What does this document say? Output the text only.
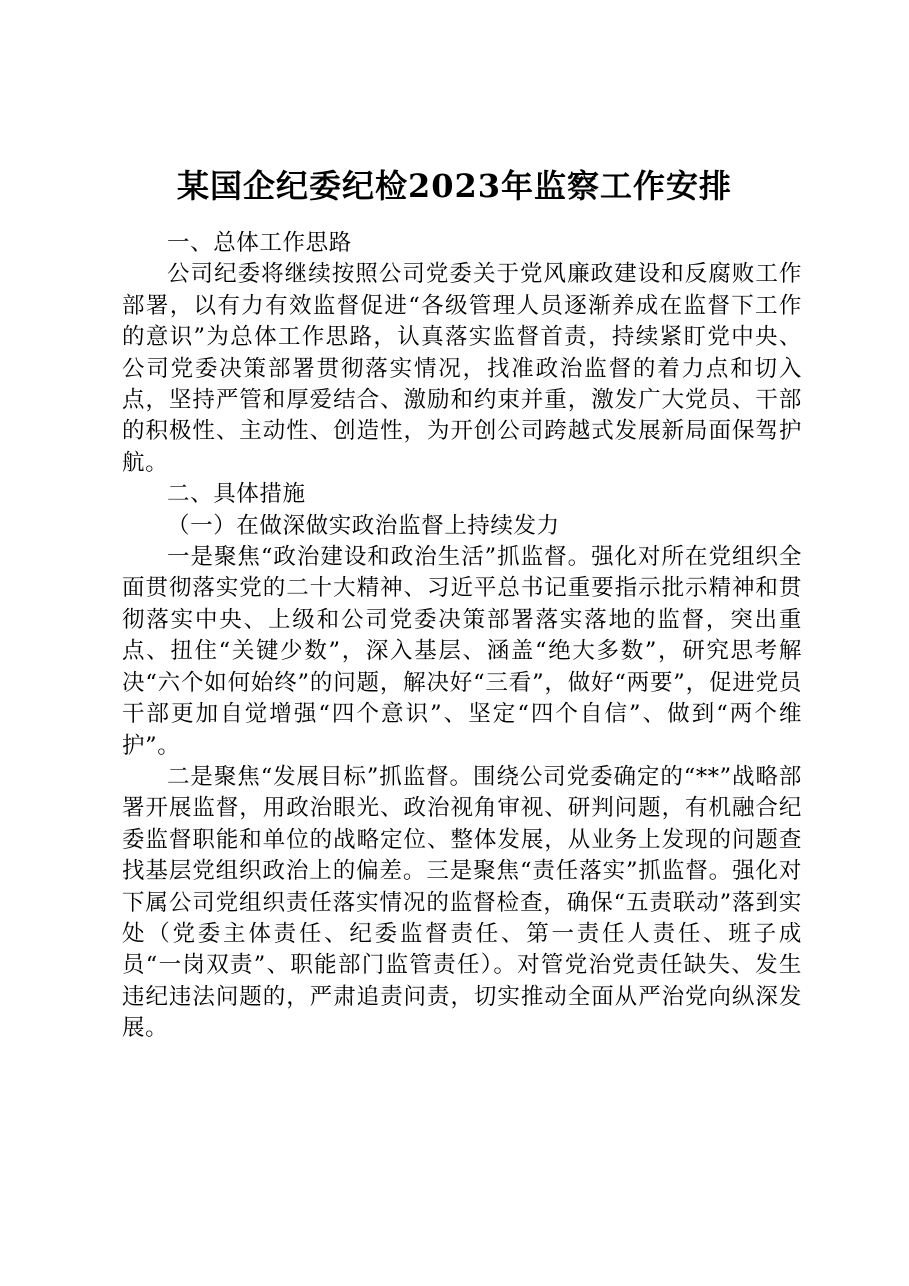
某国企纪委纪检2023年监察工作安排

一、总体工作思路

公司纪委将继续按照公司党委关于党风廉政建设和反腐败工作部署，以有力有效监督促进“各级管理人员逐渐养成在监督下工作的意识”为总体工作思路，认真落实监督首责，持续紧盯党中央、公司党委决策部署贯彻落实情况，找准政治监督的着力点和切入点，坚持严管和厚爱结合、激励和约束并重，激发广大党员、干部的积极性、主动性、创造性，为开创公司跨越式发展新局面保驾护航。

二、具体措施

（一）在做深做实政治监督上持续发力

一是聚焦“政治建设和政治生活”抓监督。强化对所在党组织全面贯彻落实党的二十大精神、习近平总书记重要指示批示精神和贯彻落实中央、上级和公司党委决策部署落实落地的监督，突出重点、扭住“关键少数”，深入基层、涵盖“绝大多数”，研究思考解决“六个如何始终”的问题，解决好“三看”，做好“两要”，促进党员干部更加自觉增强“四个意识”、坚定“四个自信”、做到“两个维护”。

二是聚焦“发展目标”抓监督。围绕公司党委确定的“**”战略部署开展监督，用政治眼光、政治视角审视、研判问题，有机融合纪委监督职能和单位的战略定位、整体发展，从业务上发现的问题查找基层党组织政治上的偏差。三是聚焦“责任落实”抓监督。强化对下属公司党组织责任落实情况的监督检查，确保“五责联动”落到实处（党委主体责任、纪委监督责任、第一责任人责任、班子成员“一岗双责”、职能部门监管责任）。对管党治党责任缺失、发生违纪违法问题的，严肃追责问责，切实推动全面从严治党向纵深发展。
